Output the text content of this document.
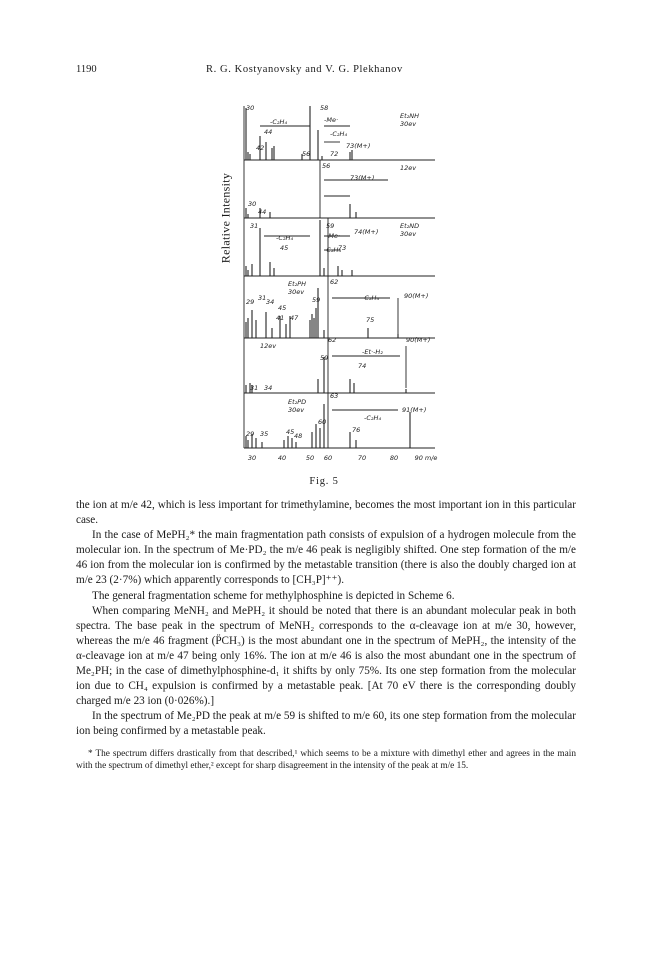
1190	R. G. Kostyanovsky and V. G. Plekhanov
Relative Intensity
30	40	50 60	70	80	90 m/e
Et₂NH
30ev
12ev
Et₂ND
30ev
Et₂PH
30ev
12ev
Et₂PD
30ev
30	58
-C₂H₄	-Me·
-C₂H₄
44
42
56
73(M+)
72
56
73(M+)
30
44
31	59
-C₂H₄	-Me· 74(M+)
45	-C₂H₄
73
62
29 31 34
45
59	-C₂H₄	90(M+)
41 47	75
62	90(M+)
-Et·-H₂
59
31 34
74
63
91(M+)
-C₂H₄
29 35	45 48
60
76
Fig. 5

the ion at m/e 42, which is less important for trimethylamine, becomes the most important ion in this particular case.

In the case of MePH₂* the main fragmentation path consists of expulsion of a hydrogen molecule from the molecular ion. In the spectrum of Me·PD₂ the m/e 46 peak is negligibly shifted. One step formation of the m/e 46 ion from the molecular ion is confirmed by the metastable transition (there is also the doubly charged ion at m/e 23 (2·7%) which apparently corresponds to [CH₃P]⁺⁺).

The general fragmentation scheme for methylphosphine is depicted in Scheme 6.

When comparing MeNH₂ and MePH₂ it should be noted that there is an abundant molecular peak in both spectra. The base peak in the spectrum of MeNH₂ corresponds to the α-cleavage ion at m/e 30, however, whereas the m/e 46 fragment (P̈CH₃) is the most abundant one in the spectrum of MePH₂, the intensity of the α-cleavage ion at m/e 47 being only 16%. The ion at m/e 46 is also the most abundant one in the spectrum of Me₂PH; in the case of dimethylphosphine-d₁ it shifts by only 75%. Its one step formation from the molecular ion due to CH₄ expulsion is confirmed by a metastable peak. [At 70 eV there is the corresponding doubly charged m/e 23 ion (0·026%).]

In the spectrum of Me₂PD the peak at m/e 59 is shifted to m/e 60, its one step formation from the molecular ion being confirmed by a metastable peak.

* The spectrum differs drastically from that described,¹ which seems to be a mixture with dimethyl ether and agrees in the main with the spectrum of dimethyl ether,² except for sharp disagreement in the intensity of the peak at m/e 15.
